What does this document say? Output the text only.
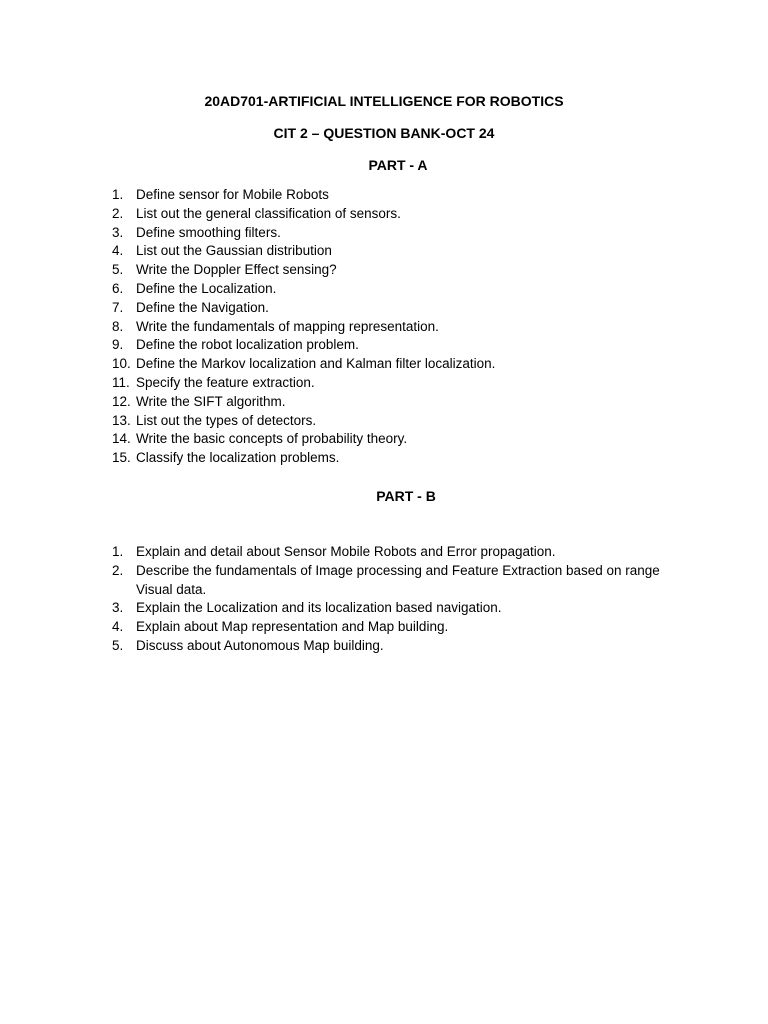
20AD701-ARTIFICIAL INTELLIGENCE FOR ROBOTICS
CIT 2 – QUESTION BANK-OCT 24
PART - A
1. Define sensor for Mobile Robots
2. List out the general classification of sensors.
3. Define smoothing filters.
4. List out the Gaussian distribution
5. Write the Doppler Effect sensing?
6. Define the Localization.
7. Define the Navigation.
8. Write the fundamentals of mapping representation.
9. Define the robot localization problem.
10. Define the Markov localization and Kalman filter localization.
11. Specify the feature extraction.
12. Write the SIFT algorithm.
13. List out the types of detectors.
14. Write the basic concepts of probability theory.
15. Classify the localization problems.
PART - B
1. Explain and detail about Sensor Mobile Robots and Error propagation.
2. Describe the fundamentals of Image processing and Feature Extraction based on range Visual data.
3. Explain the Localization and its localization based navigation.
4. Explain about Map representation and Map building.
5. Discuss about Autonomous Map building.
